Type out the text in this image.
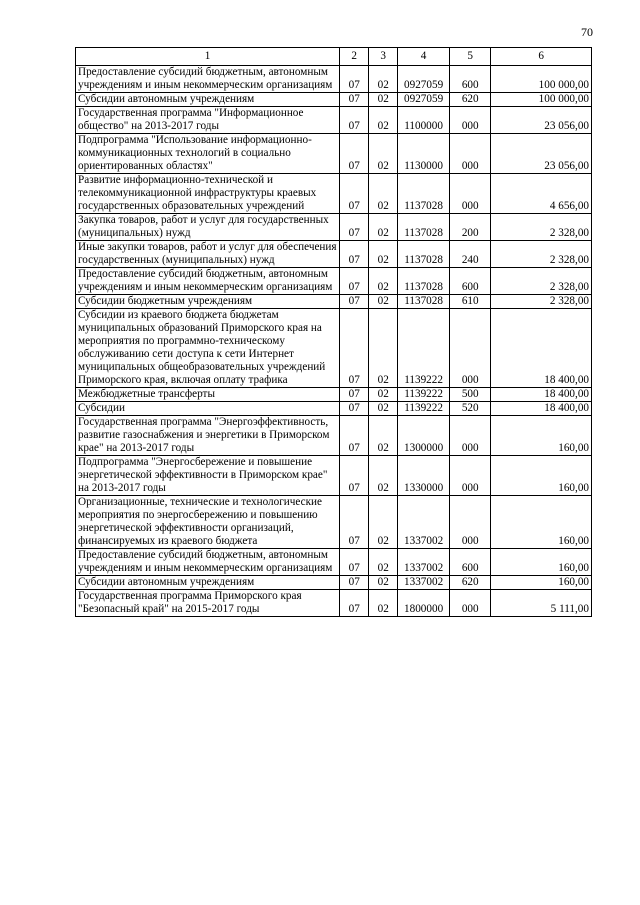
70
1	2	3	4	5	6
Предоставление субсидий бюджетным, автономным учреждениям и иным некоммерческим организациям	07	02	0927059	600	100 000,00
Субсидии автономным учреждениям	07	02	0927059	620	100 000,00
Государственная программа "Информационное общество" на 2013-2017 годы	07	02	1100000	000	23 056,00
Подпрограмма "Использование информационно-коммуникационных технологий в социально ориентированных областях"	07	02	1130000	000	23 056,00
Развитие информационно-технической и телекоммуникационной инфраструктуры краевых государственных образовательных учреждений	07	02	1137028	000	4 656,00
Закупка товаров, работ и услуг для государственных (муниципальных) нужд	07	02	1137028	200	2 328,00
Иные закупки товаров, работ и услуг для обеспечения государственных (муниципальных) нужд	07	02	1137028	240	2 328,00
Предоставление субсидий бюджетным, автономным учреждениям и иным некоммерческим организациям	07	02	1137028	600	2 328,00
Субсидии бюджетным учреждениям	07	02	1137028	610	2 328,00
Субсидии из краевого бюджета бюджетам муниципальных образований Приморского края на мероприятия по программно-техническому обслуживанию сети доступа к сети Интернет муниципальных общеобразовательных учреждений Приморского края, включая оплату трафика	07	02	1139222	000	18 400,00
Межбюджетные трансферты	07	02	1139222	500	18 400,00
Субсидии	07	02	1139222	520	18 400,00
Государственная программа "Энергоэффективность, развитие газоснабжения и энергетики в Приморском крае" на 2013-2017 годы	07	02	1300000	000	160,00
Подпрограмма "Энергосбережение и повышение энергетической эффективности в Приморском крае" на 2013-2017 годы	07	02	1330000	000	160,00
Организационные, технические и технологические мероприятия по энергосбережению и повышению энергетической эффективности организаций, финансируемых из краевого бюджета	07	02	1337002	000	160,00
Предоставление субсидий бюджетным, автономным учреждениям и иным некоммерческим организациям	07	02	1337002	600	160,00
Субсидии автономным учреждениям	07	02	1337002	620	160,00
Государственная программа Приморского края "Безопасный край" на 2015-2017 годы	07	02	1800000	000	5 111,00
